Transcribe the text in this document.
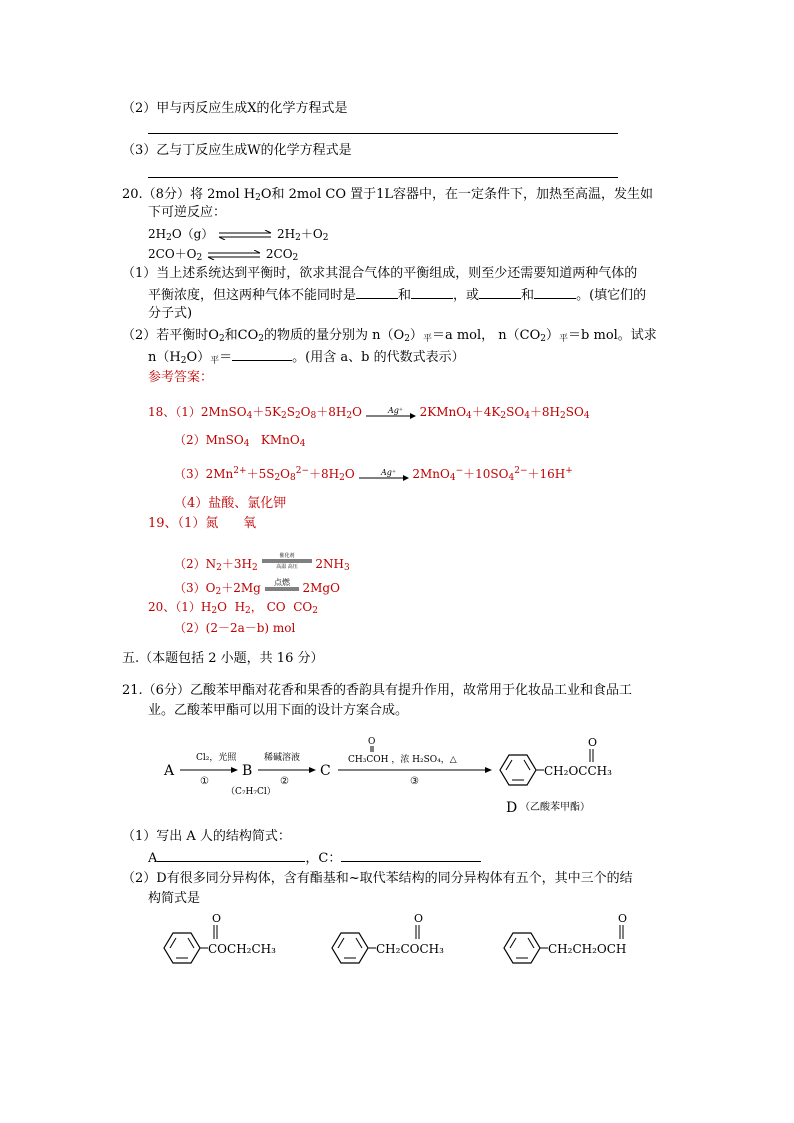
（2）甲与丙反应生成X的化学方程式是
（3）乙与丁反应生成W的化学方程式是
20.（8分）将 2mol $H_2O$和 2mol CO 置于1L容器中，在一定条件下，加热至高温，发生如
下可逆反应：
$2H_2O(g)$	$2H_2+O_2$
$2CO+O_2$	$2CO_2$
（1）当上述系统达到平衡时，欲求其混合气体的平衡组成，则至少还需要知道两种气体的
平衡浓度，但这两种气体不能同时是	和	，或	和	。(填它们的
分子式)
（2）若平衡时$O_2$和$CO_2$的物质的量分别为 $n(O_2)_平=a$ mol， $n(CO_2)_平=b$ mol。试求
$n(H_2O)_平=$	。(用含 a、b 的代数式表示）
参考答案：
18、$(1)2MnSO_4+5K_2S_2O_8+8H_2O$	Ag⁺ $2KMnO_4+4K_2SO_4+8H_2SO_4$
（2）MnSO$_4$   KMnO$_4$
$(3)2Mn^{2+}+5S_2O_8^{2-}+8H_2O$	Ag⁺ $2MnO_4^-+10SO_4^{2-}+16H^+$
（4）盐酸、氯化钾
19、（1）氮      氧
$(2)N_2+3H_2$
催化剂
高温 高压 $2NH_3$
$(3)O_2+2Mg$ 点燃 2MgO
20、$(1)H_2O$  $H_2$， CO  $CO_2$
（2）(2－2a－b) mol
五.（本题包括 2 小题，共 16 分）
21.（6分）乙酸苯甲酯对花香和果香的香韵具有提升作用，故常用于化妆品工业和食品工
业。乙酸苯甲酯可以用下面的设计方案合成。
A
Cl₂，光照
①
B
（C₇H₇Cl）
稀碱溶液
②
C
O
CH₃COH ，浓 H₂SO₄，△
③
CH₂OCCH₃
O
D （乙酸苯甲酯）
（1）写出 A 人的结构简式：
A	，C：
（2）D有很多同分异构体，含有酯基和~取代苯结构的同分异构体有五个，其中三个的结
构简式是
COCH₂CH₃
O
CH₂COCH₃
O
CH₂CH₂OCH
O
